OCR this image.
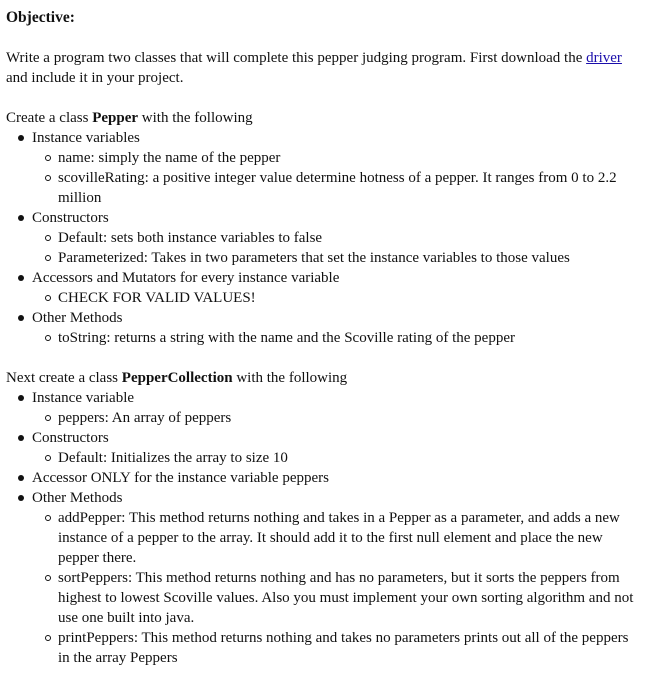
Objective:

Write a program two classes that will complete this pepper judging program. First download the driver and include it in your project.

Create a class Pepper with the following

Instance variables
name: simply the name of the pepper
scovilleRating: a positive integer value determine hotness of a pepper. It ranges from 0 to 2.2 million
Constructors
Default: sets both instance variables to false
Parameterized: Takes in two parameters that set the instance variables to those values
Accessors and Mutators for every instance variable
CHECK FOR VALID VALUES!
Other Methods
toString: returns a string with the name and the Scoville rating of the pepper

Next create a class PepperCollection with the following

Instance variable
peppers: An array of peppers
Constructors
Default: Initializes the array to size 10
Accessor ONLY for the instance variable peppers
Other Methods
addPepper: This method returns nothing and takes in a Pepper as a parameter, and adds a new instance of a pepper to the array. It should add it to the first null element and place the new pepper there.
sortPeppers: This method returns nothing and has no parameters, but it sorts the peppers from highest to lowest Scoville values. Also you must implement your own sorting algorithm and not use one built into java.
printPeppers: This method returns nothing and takes no parameters prints out all of the peppers in the array Peppers
